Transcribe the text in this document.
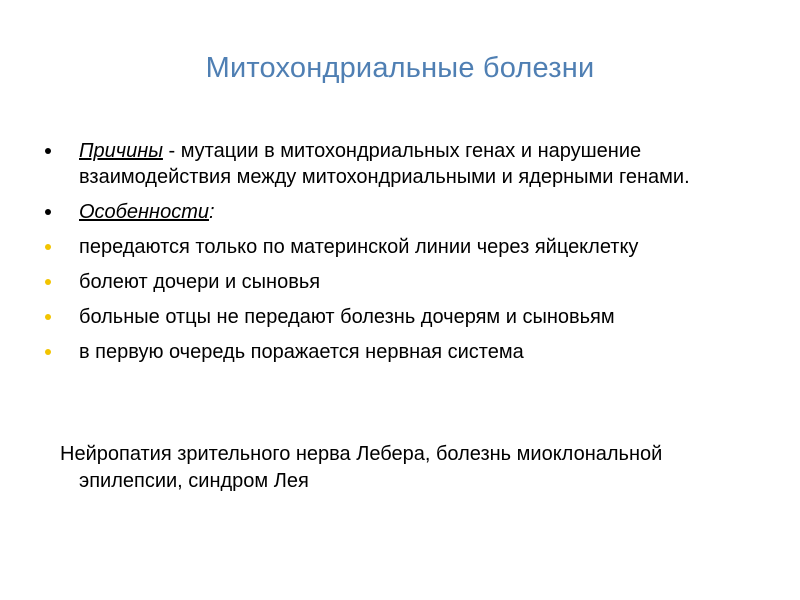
Митохондриальные болезни
Причины - мутации в митохондриальных генах и нарушение взаимодействия между митохондриальными и ядерными генами.
Особенности:
передаются только по материнской линии через яйцеклетку
болеют дочери и сыновья
больные отцы не передают болезнь дочерям и сыновьям
в первую очередь поражается нервная система
Нейропатия зрительного нерва Лебера, болезнь миоклональной эпилепсии, синдром Лея
